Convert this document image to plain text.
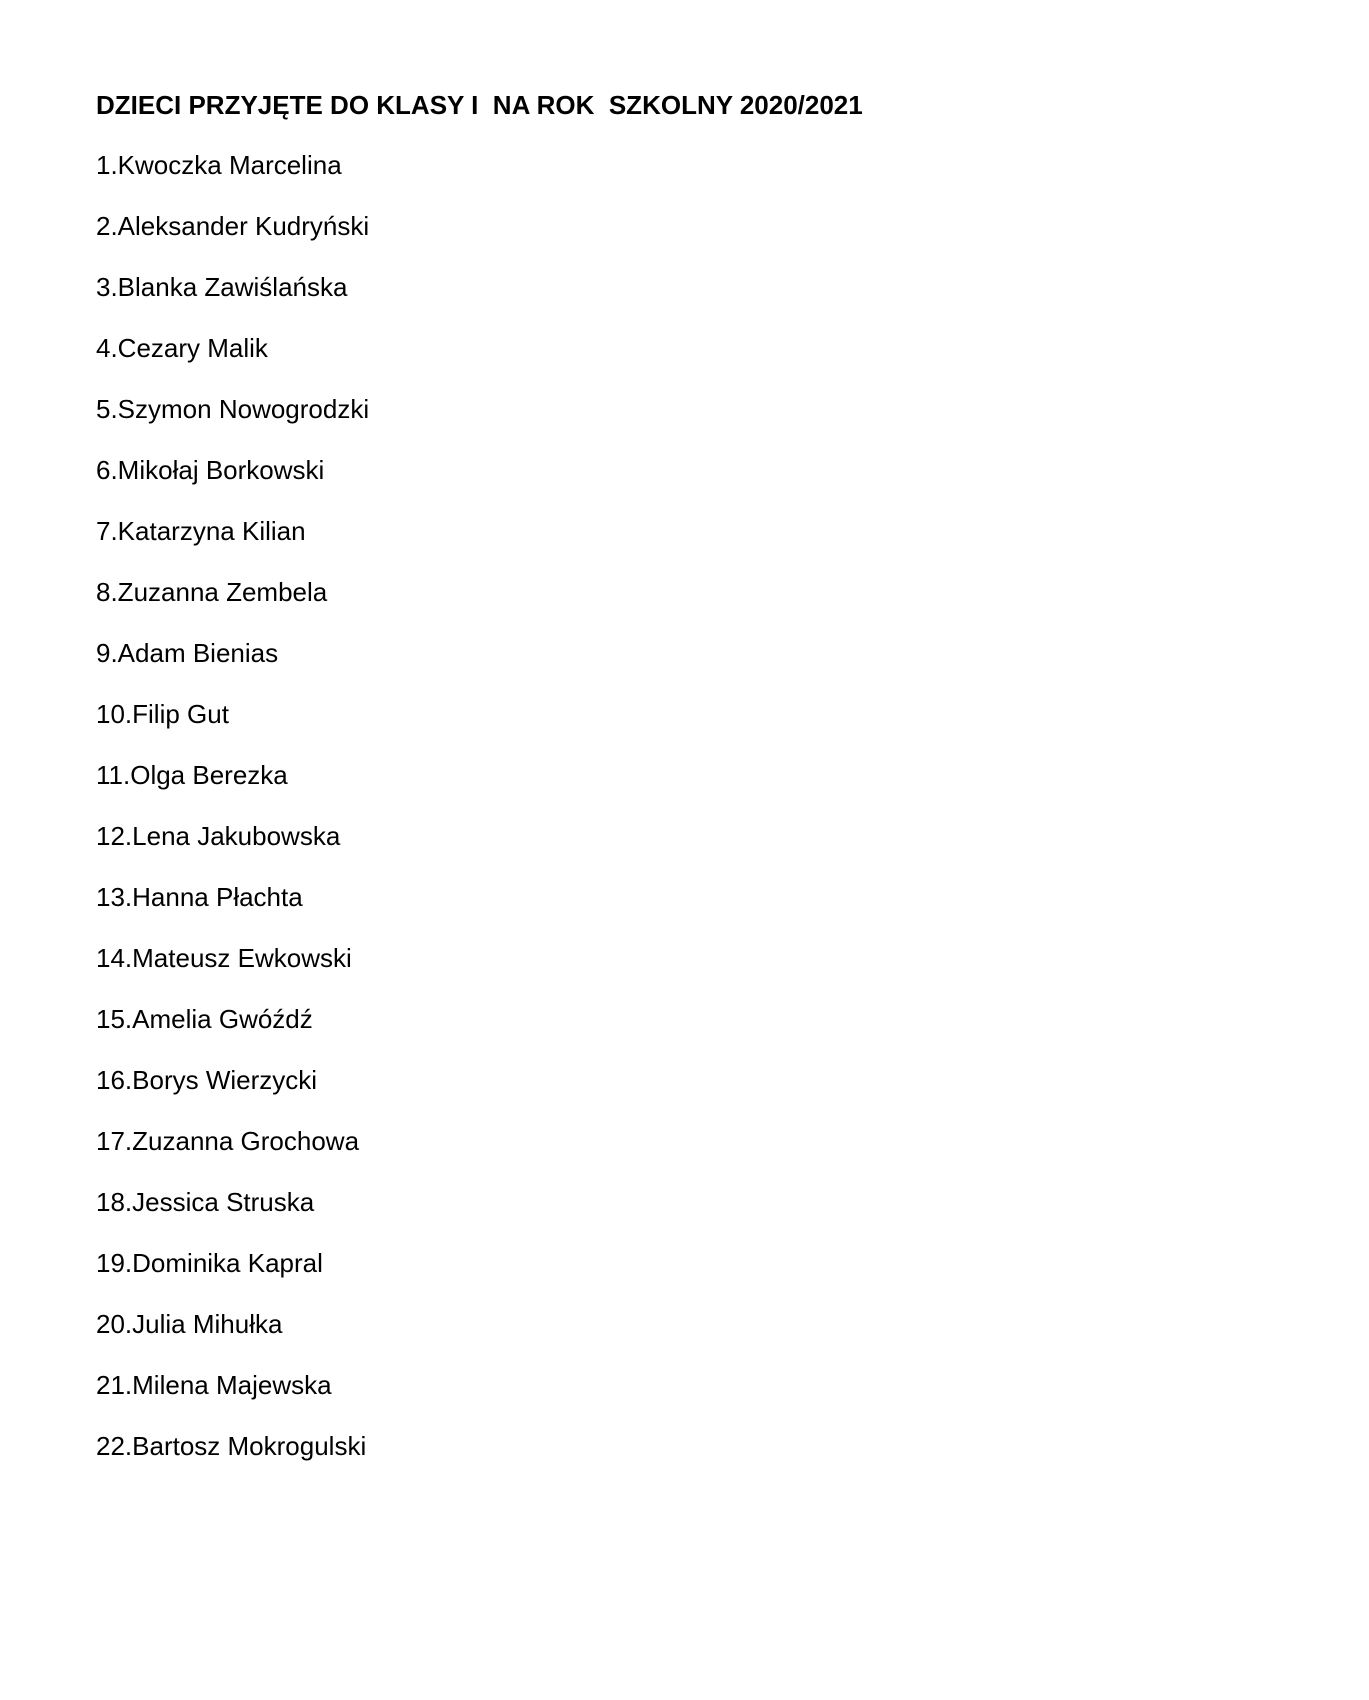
DZIECI PRZYJĘTE DO KLASY I  NA ROK  SZKOLNY 2020/2021
1.Kwoczka Marcelina
2.Aleksander Kudryński
3.Blanka Zawiślańska
4.Cezary Malik
5.Szymon Nowogrodzki
6.Mikołaj Borkowski
7.Katarzyna Kilian
8.Zuzanna Zembela
9.Adam Bienias
10.Filip Gut
11.Olga Berezka
12.Lena Jakubowska
13.Hanna Płachta
14.Mateusz Ewkowski
15.Amelia Gwóźdź
16.Borys Wierzycki
17.Zuzanna Grochowa
18.Jessica Struska
19.Dominika Kapral
20.Julia Mihułka
21.Milena Majewska
22.Bartosz Mokrogulski
